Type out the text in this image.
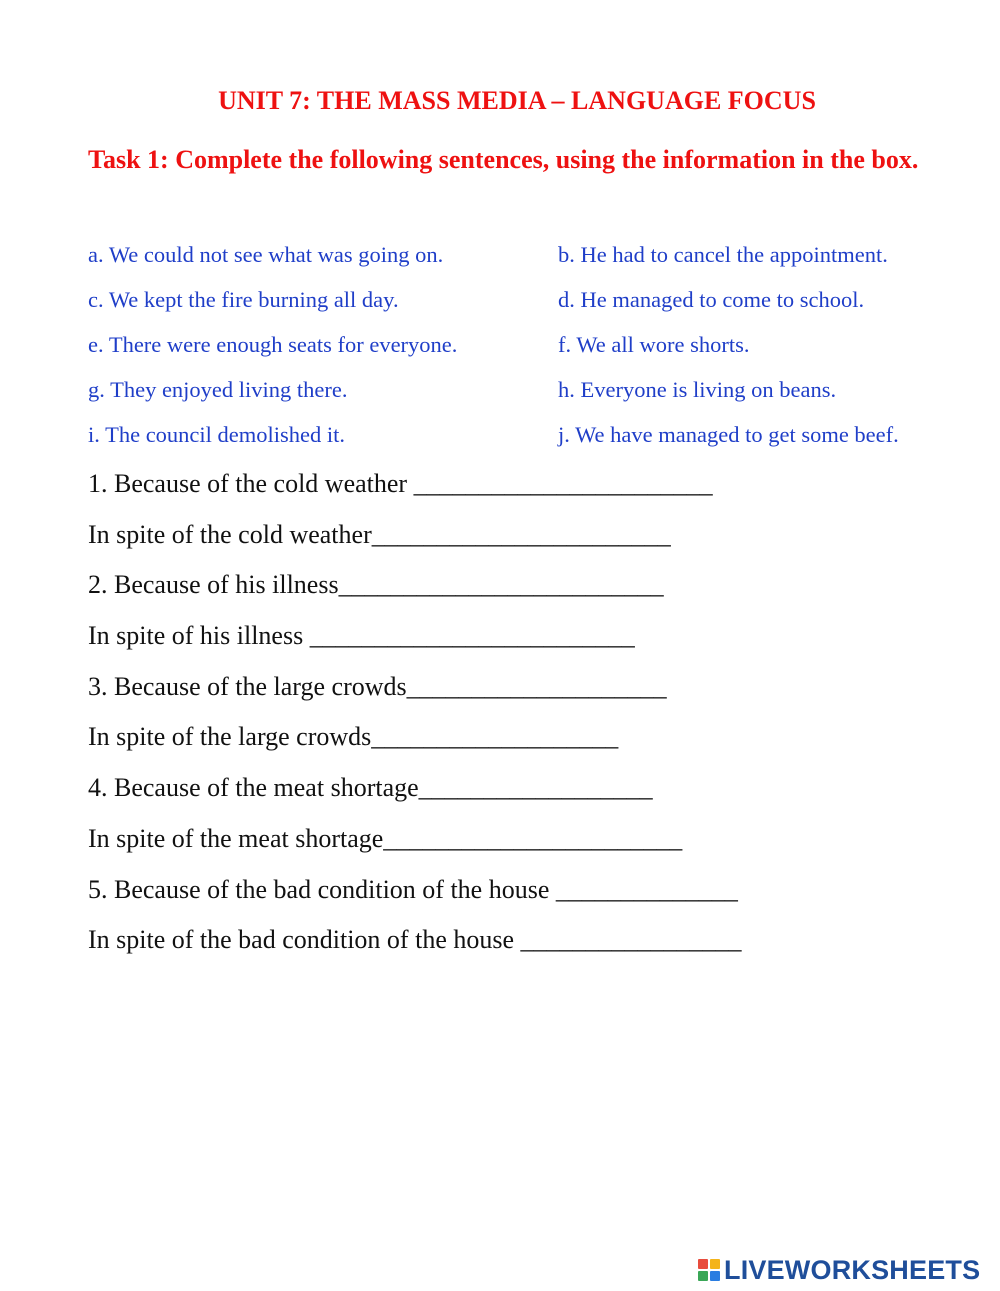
UNIT 7: THE MASS MEDIA – LANGUAGE FOCUS
Task 1: Complete the following sentences, using the information in the box.
a. We could not see what was going on.	b. He had to cancel the appointment.
c. We kept the fire burning all day.	d. He managed to come to school.
e. There were enough seats for everyone.	f. We all wore shorts.
g. They enjoyed living there.	h. Everyone is living on beans.
i. The council demolished it.	j. We have managed to get some beef.
1. Because of the cold weather _______________________
In spite of the cold weather_______________________
2. Because of his illness_________________________
In spite of his illness _________________________
3. Because of the large crowds____________________
In spite of the large crowds___________________
4. Because of the meat shortage__________________
In spite of the meat shortage_______________________
5. Because of the bad condition of the house ______________
In spite of the bad condition of the house _________________
LIVEWORKSHEETS
